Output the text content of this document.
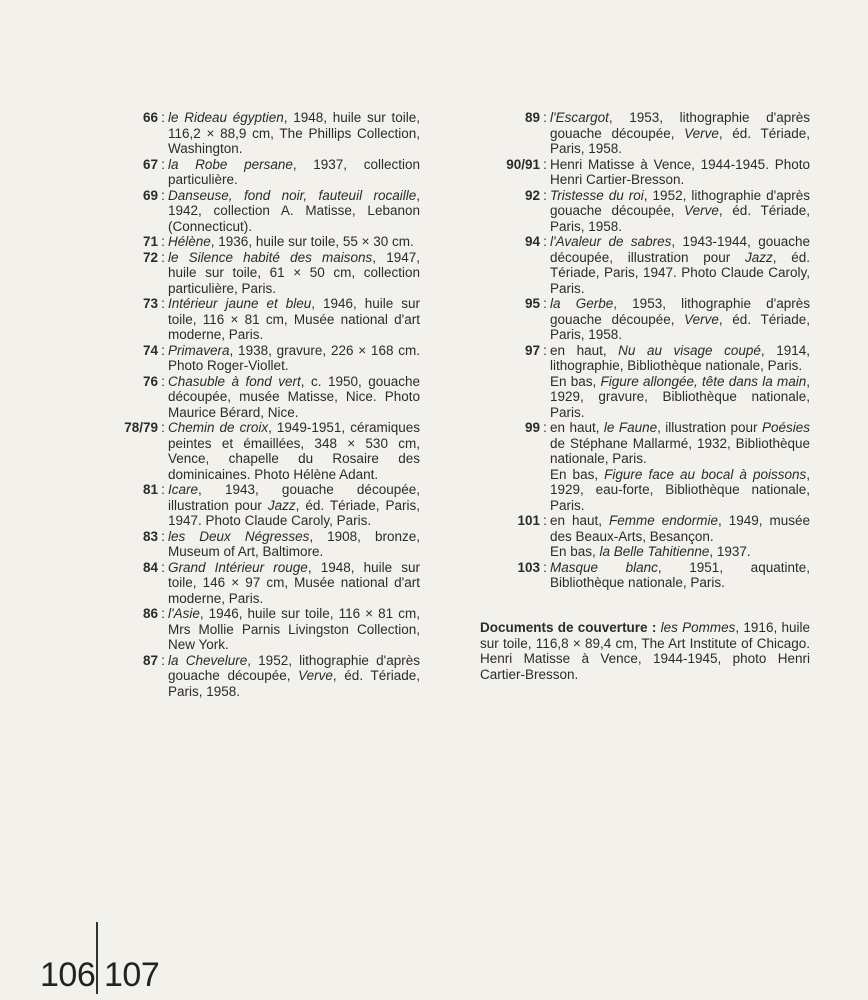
66 : le Rideau égyptien, 1948, huile sur toile, 116,2 × 88,9 cm, The Phillips Collection, Washington.
67 : la Robe persane, 1937, collection particulière.
69 : Danseuse, fond noir, fauteuil rocaille, 1942, collection A. Matisse, Lebanon (Connecticut).
71 : Hélène, 1936, huile sur toile, 55 × 30 cm.
72 : le Silence habité des maisons, 1947, huile sur toile, 61 × 50 cm, collection particulière, Paris.
73 : Intérieur jaune et bleu, 1946, huile sur toile, 116 × 81 cm, Musée national d'art moderne, Paris.
74 : Primavera, 1938, gravure, 226 × 168 cm. Photo Roger-Viollet.
76 : Chasuble à fond vert, c. 1950, gouache découpée, musée Matisse, Nice. Photo Maurice Bérard, Nice.
78/79 : Chemin de croix, 1949-1951, céramiques peintes et émaillées, 348 × 530 cm, Vence, chapelle du Rosaire des dominicaines. Photo Hélène Adant.
81 : Icare, 1943, gouache découpée, illustration pour Jazz, éd. Tériade, Paris, 1947. Photo Claude Caroly, Paris.
83 : les Deux Négresses, 1908, bronze, Museum of Art, Baltimore.
84 : Grand Intérieur rouge, 1948, huile sur toile, 146 × 97 cm, Musée national d'art moderne, Paris.
86 : l'Asie, 1946, huile sur toile, 116 × 81 cm, Mrs Mollie Parnis Livingston Collection, New York.
87 : la Chevelure, 1952, lithographie d'après gouache découpée, Verve, éd. Tériade, Paris, 1958.
89 : l'Escargot, 1953, lithographie d'après gouache découpée, Verve, éd. Tériade, Paris, 1958.
90/91 : Henri Matisse à Vence, 1944-1945. Photo Henri Cartier-Bresson.
92 : Tristesse du roi, 1952, lithographie d'après gouache découpée, Verve, éd. Tériade, Paris, 1958.
94 : l'Avaleur de sabres, 1943-1944, gouache découpée, illustration pour Jazz, éd. Tériade, Paris, 1947. Photo Claude Caroly, Paris.
95 : la Gerbe, 1953, lithographie d'après gouache découpée, Verve, éd. Tériade, Paris, 1958.
97 : en haut, Nu au visage coupé, 1914, lithographie, Bibliothèque nationale, Paris.
En bas, Figure allongée, tête dans la main, 1929, gravure, Bibliothèque nationale, Paris.
99 : en haut, le Faune, illustration pour Poésies de Stéphane Mallarmé, 1932, Bibliothèque nationale, Paris.
En bas, Figure face au bocal à poissons, 1929, eau-forte, Bibliothèque nationale, Paris.
101 : en haut, Femme endormie, 1949, musée des Beaux-Arts, Besançon.
En bas, la Belle Tahitienne, 1937.
103 : Masque blanc, 1951, aquatinte, Bibliothèque nationale, Paris.
Documents de couverture : les Pommes, 1916, huile sur toile, 116,8 × 89,4 cm, The Art Institute of Chicago. Henri Matisse à Vence, 1944-1945, photo Henri Cartier-Bresson.
106 107
